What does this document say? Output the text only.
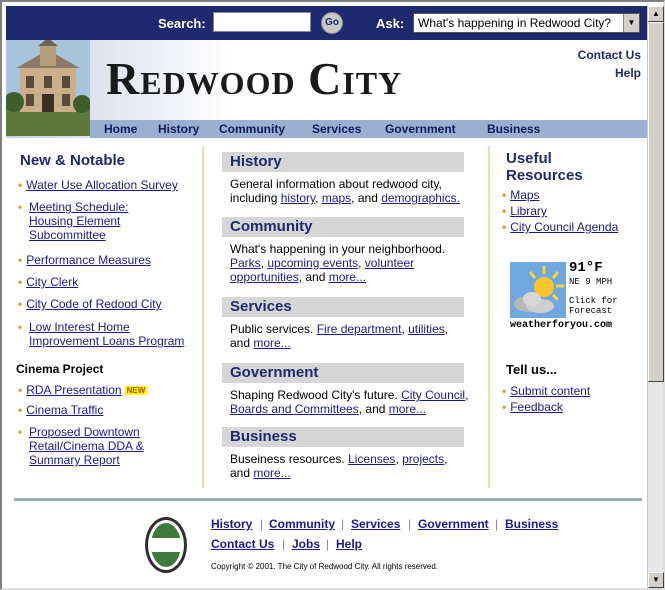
Search:	Go	Ask:	What's happening in Redwood City?	▼
Redwood City	Contact Us
Help
Home History Community Services Government	Business
New & Notable
• Water Use Allocation Survey
• Meeting Schedule: Housing Element Subcommittee
• Performance Measures
• City Clerk
• City Code of Redood City
• Low Interest Home Improvement Loans Program
Cinema Project
• RDA Presentation NEW
• Cinema Traffic
• Proposed Downtown Retail/Cinema DDA & Summary Report
History
General information about redwood city, including history, maps, and demographics.
Community
What's happening in your neighborhood.
Parks, upcoming events, volunteer opportunities, and more...
Services
Public services. Fire department, utilities, and more...
Government
Shaping Redwood City's future. City Council, Boards and Committees, and more...
Business
Buseiness resources. Licenses, projects, and more...
Useful Resources
• Maps
• Library
• City Council Agenda
91°F
NE 9 MPH
Click for Forecast
weatherforyou.com
Tell us...
• Submit content
• Feedback
History | Community | Services | Government | Business
Contact Us | Jobs | Help
Copyright © 2001. The City of Redwood City. All rights reserved.
▲
▼
